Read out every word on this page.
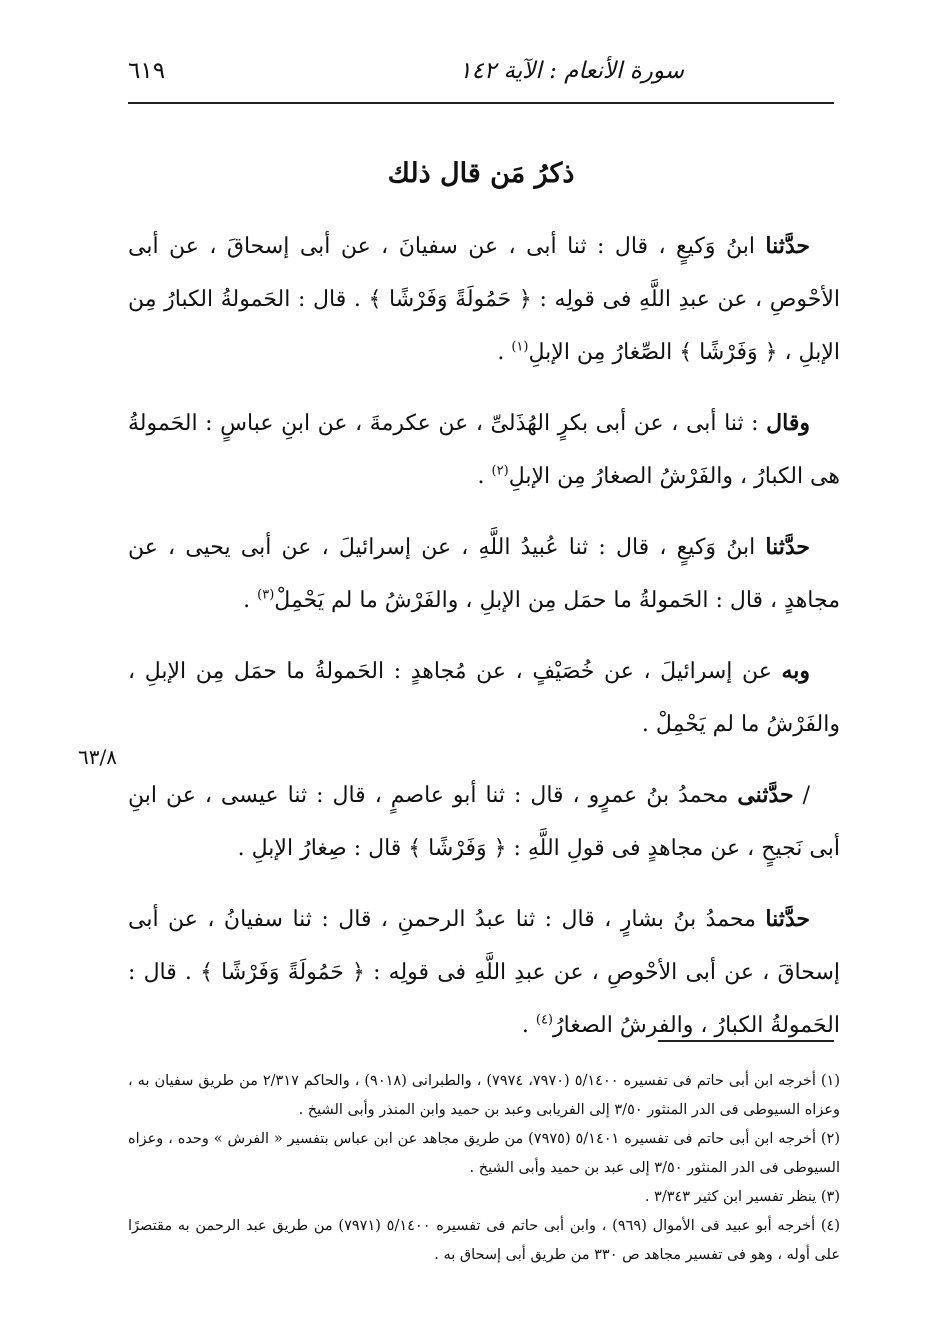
سورة الأنعام : الآية ١٤٢
٦١٩
ذكرُ مَن قال ذلك

حدَّثنا ابنُ وَكيعٍ ، قال : ثنا أبى ، عن سفيانَ ، عن أبى إسحاقَ ، عن أبى الأحْوصِ ، عن عبدِ اللَّهِ فى قولِه : ﴿ حَمُولَةً وَفَرْشًا ﴾ . قال : الحَمولةُ الكبارُ مِن الإبلِ ، ﴿ وَفَرْشًا ﴾ الصِّغارُ مِن الإبلِ$^{(١)}$ .

وقال : ثنا أبى ، عن أبى بكرٍ الهُذَلىِّ ، عن عكرمةَ ، عن ابنِ عباسٍ : الحَمولةُ هى الكبارُ ، والفَرْشُ الصغارُ مِن الإبلِ$^{(٢)}$ .

حدَّثنا ابنُ وَكيعٍ ، قال : ثنا عُبيدُ اللَّهِ ، عن إسرائيلَ ، عن أبى يحيى ، عن مجاهدٍ ، قال : الحَمولةُ ما حمَل مِن الإبلِ ، والفَرْشُ ما لم يَحْمِلْ$^{(٣)}$ .

وبه عن إسرائيلَ ، عن خُصَيْفٍ ، عن مُجاهدٍ : الحَمولةُ ما حمَل مِن الإبلِ ، والفَرْشُ ما لم يَحْمِلْ .

/ حدَّثنى محمدُ بنُ عمرٍو ، قال : ثنا أبو عاصمٍ ، قال : ثنا عيسى ، عن ابنِ أبى نَجيحٍ ، عن مجاهدٍ فى قولِ اللَّهِ : ﴿ وَفَرْشًا ﴾ قال : صِغارُ الإبلِ .

حدَّثنا محمدُ بنُ بشارٍ ، قال : ثنا عبدُ الرحمنِ ، قال : ثنا سفيانُ ، عن أبى إسحاقَ ، عن أبى الأحْوصِ ، عن عبدِ اللَّهِ فى قولِه : ﴿ حَمُولَةً وَفَرْشًا ﴾ . قال : الحَمولةُ الكبارُ ، والفرشُ الصغارُ$^{(٤)}$ .

٦٣/٨

(١) أخرجه ابن أبى حاتم فى تفسيره ٥/١٤٠٠ (٧٩٧٠، ٧٩٧٤) ، والطبرانى (٩٠١٨) ، والحاكم ٢/٣١٧ من طريق سفيان به ، وعزاه السيوطى فى الدر المنثور ٣/٥٠ إلى الفريابى وعبد بن حميد وابن المنذر وأبى الشيخ .

(٢) أخرجه ابن أبى حاتم فى تفسيره ٥/١٤٠١ (٧٩٧٥) من طريق مجاهد عن ابن عباس بتفسير « الفرش » وحده ، وعزاه السيوطى فى الدر المنثور ٣/٥٠ إلى عبد بن حميد وأبى الشيخ .

(٣) ينظر تفسير ابن كثير ٣/٣٤٣ .

(٤) أخرجه أبو عبيد فى الأموال (٩٦٩) ، وابن أبى حاتم فى تفسيره ٥/١٤٠٠ (٧٩٧١) من طريق عبد الرحمن به مقتصرًا على أوله ، وهو فى تفسير مجاهد ص ٣٣٠ من طريق أبى إسحاق به .
